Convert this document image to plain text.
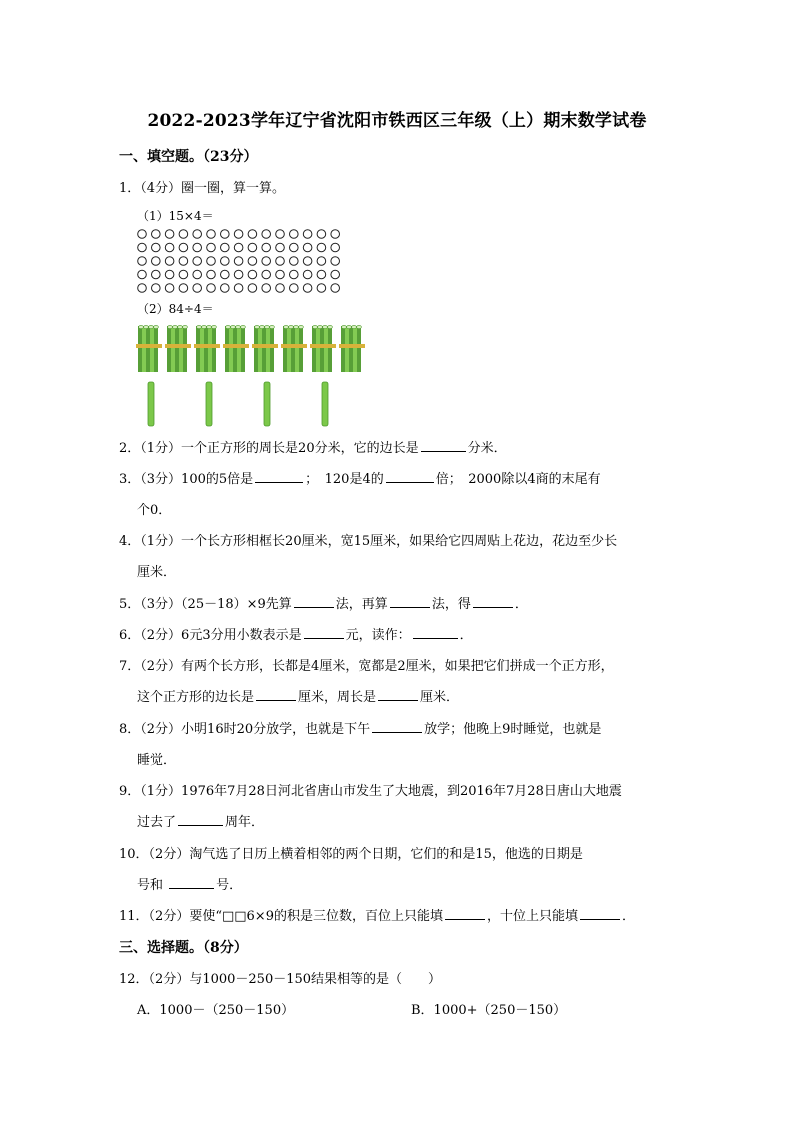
2022-2023学年辽宁省沈阳市铁西区三年级（上）期末数学试卷
一、填空题。（23分）
1．（4分）圈一圈，算一算。
（1）15×4＝
（2）84÷4＝
2．（1分）一个正方形的周长是20分米，它的边长是	分米．
3．（3分）100的5倍是	；　120是4的	倍；　2000除以4商的末尾有
个0．
4．（1分）一个长方形相框长20厘米，宽15厘米，如果给它四周贴上花边，花边至少长
厘米．
5．（3分）（25－18）×9先算	法，再算	法，得	．
6．（2分）6元3分用小数表示是	元，读作：	．
7．（2分）有两个长方形，长都是4厘米，宽都是2厘米，如果把它们拼成一个正方形，
这个正方形的边长是	厘米，周长是	厘米．
8．（2分）小明16时20分放学，也就是下午	放学；他晚上9时睡觉，也就是
睡觉．
9．（1分）1976年7月28日河北省唐山市发生了大地震，到2016年7月28日唐山大地震
过去了	周年．
10．（2分）淘气选了日历上横着相邻的两个日期，它们的和是15，他选的日期是
号和	号．
11．（2分）要使“□□6×9的积是三位数，百位上只能填	，十位上只能填	．
三、选择题。（8分）
12．（2分）与1000－250－150结果相等的是（　　）
A．1000－（250－150）	B．1000+（250－150）
